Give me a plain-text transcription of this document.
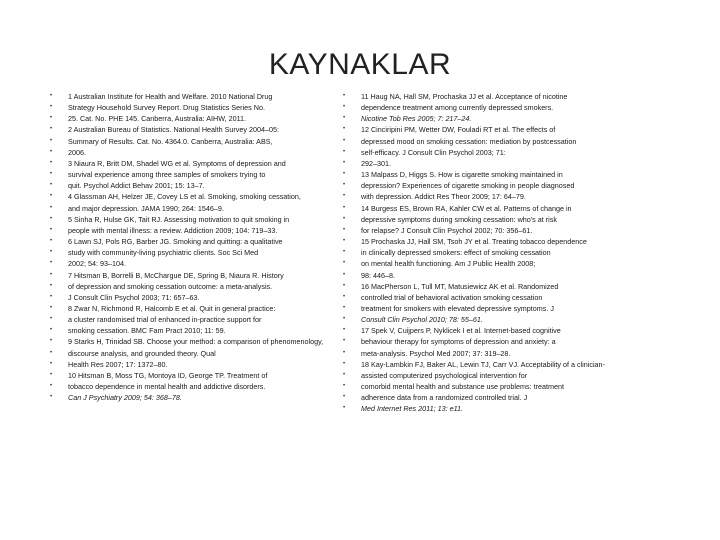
KAYNAKLAR
• 1 Australian Institute for Health and Welfare. 2010 National Drug
• Strategy Household Survey Report. Drug Statistics Series No.
• 25. Cat. No. PHE 145. Canberra, Australia: AIHW, 2011.
• 2 Australian Bureau of Statistics. National Health Survey 2004–05:
• Summary of Results. Cat. No. 4364.0. Canberra, Australia: ABS,
• 2006.
• 3 Niaura R, Britt DM, Shadel WG et al. Symptoms of depression and
• survival experience among three samples of smokers trying to
• quit. Psychol Addict Behav 2001; 15: 13–7.
• 4 Glassman AH, Helzer JE, Covey LS et al. Smoking, smoking cessation,
• and major depression. JAMA 1990; 264: 1546–9.
• 5 Sinha R, Hulse GK, Tait RJ. Assessing motivation to quit smoking in
• people with mental illness: a review. Addiction 2009; 104: 719–33.
• 6 Lawn SJ, Pols RG, Barber JG. Smoking and quitting: a qualitative
• study with community-living psychiatric clients. Soc Sci Med
• 2002; 54: 93–104.
• 7 Hitsman B, Borrelli B, McChargue DE, Spring B, Niaura R. History
• of depression and smoking cessation outcome: a meta-analysis.
• J Consult Clin Psychol 2003; 71: 657–63.
• 8 Zwar N, Richmond R, Halcomb E et al. Quit in general practice:
• a cluster randomised trial of enhanced in-practice support for
• smoking cessation. BMC Fam Pract 2010; 11: 59.
• 9 Starks H, Trinidad SB. Choose your method: a comparison of phenomenology,
• discourse analysis, and grounded theory. Qual
• Health Res 2007; 17: 1372–80.
• 10 Hitsman B, Moss TG, Montoya ID, George TP. Treatment of
• tobacco dependence in mental health and addictive disorders.
• Can J Psychiatry 2009; 54: 368–78.
• 11 Haug NA, Hall SM, Prochaska JJ et al. Acceptance of nicotine
• dependence treatment among currently depressed smokers.
• Nicotine Tob Res 2005; 7: 217–24.
• 12 Cinciripini PM, Wetter DW, Fouladi RT et al. The effects of
• depressed mood on smoking cessation: mediation by postcessation
• self-efficacy. J Consult Clin Psychol 2003; 71:
• 292–301.
• 13 Malpass D, Higgs S. How is cigarette smoking maintained in
• depression? Experiences of cigarette smoking in people diagnosed
• with depression. Addict Res Theor 2009; 17: 64–79.
• 14 Burgess ES, Brown RA, Kahler CW et al. Patterns of change in
• depressive symptoms during smoking cessation: who's at risk
• for relapse? J Consult Clin Psychol 2002; 70: 356–61.
• 15 Prochaska JJ, Hall SM, Tsoh JY et al. Treating tobacco dependence
• in clinically depressed smokers: effect of smoking cessation
• on mental health functioning. Am J Public Health 2008;
• 98: 446–8.
• 16 MacPherson L, Tull MT, Matusiewicz AK et al. Randomized
• controlled trial of behavioral activation smoking cessation
• treatment for smokers with elevated depressive symptoms. J
• Consult Clin Psychol 2010; 78: 55–61.
• 17 Spek V, Cuijpers P, Nyklicek I et al. Internet-based cognitive
• behaviour therapy for symptoms of depression and anxiety: a
• meta-analysis. Psychol Med 2007; 37: 319–28.
• 18 Kay-Lambkin FJ, Baker AL, Lewin TJ, Carr VJ. Acceptability of a clinician-
• assisted computerized psychological intervention for
• comorbid mental health and substance use problems: treatment
• adherence data from a randomized controlled trial. J
• Med Internet Res 2011; 13: e11.
